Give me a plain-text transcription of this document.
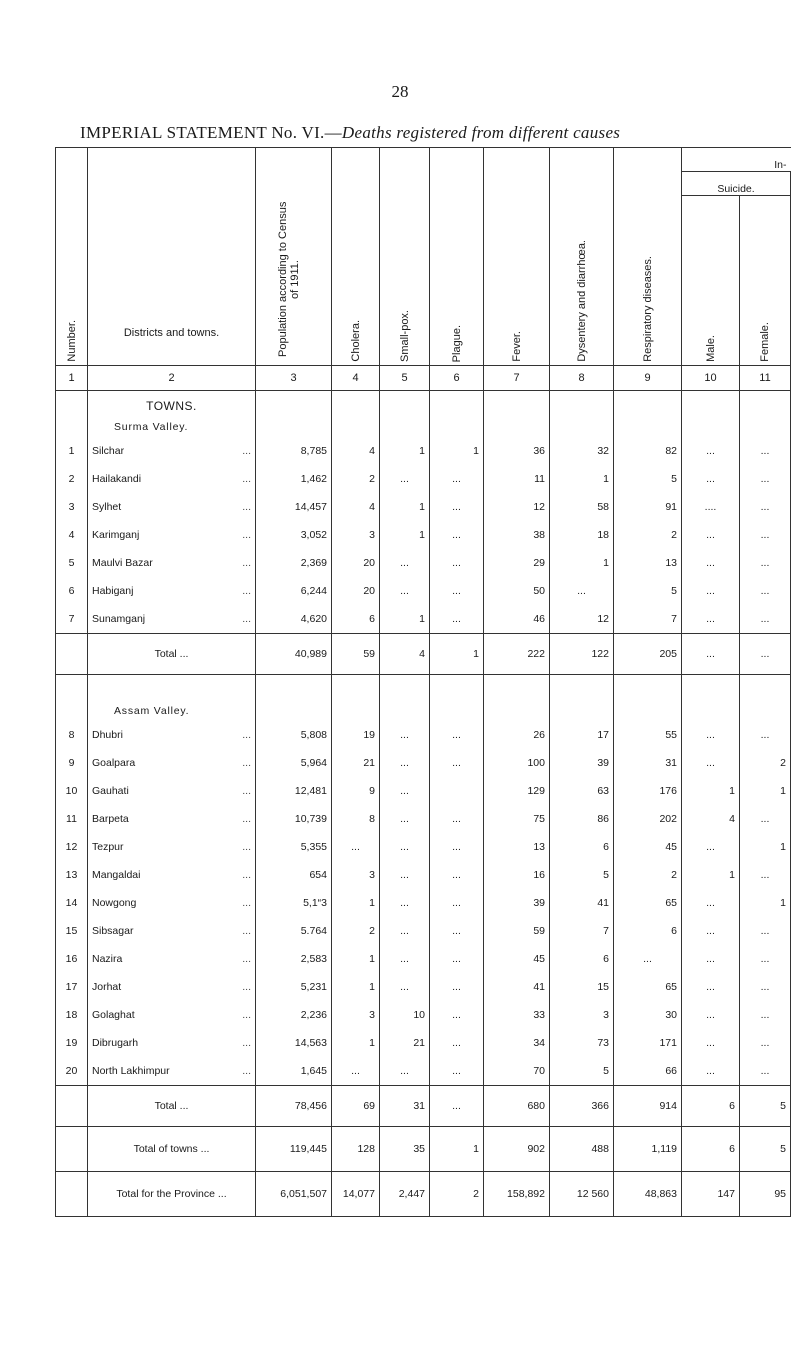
28
IMPERIAL STATEMENT No. VI.—Deaths registered from different causes
Number.	Districts and towns.	Population according to Census of 1911.	Cholera.	Small-pox.	Plague.	Fever.	Dysentery and diarrhœa.	Respiratory diseases.	In-	
									Suicide.	
									Male.	Female.
1	2	3	4	5	6	7	8	9	10	11

	TOWNS.
Surma Valley.									

1	Silchar ...	8,785	4	1	1	36	32	82	...	...
2	Hailakandi ...	1,462	2	...	...	11	1	5	...	...
3	Sylhet ...	14,457	4	1	...	12	58	91	....	...
4	Karimganj ...	3,052	3	1	...	38	18	2	...	...
5	Maulvi Bazar ...	2,369	20	...	...	29	1	13	...	...
6	Habiganj ...	6,244	20	...	...	50	...	5	...	...
7	Sunamganj ...	4,620	6	1	...	46	12	7	...	...
	Total ...	40,989	59	4	1	222	122	205	...	...

	Assam Valley.									

8	Dhubri ...	5,808	19	...	...	26	17	55	...	...
9	Goalpara ...	5,964	21	...	...	100	39	31	...	2
10	Gauhati ...	12,481	9	...		129	63	176	1	1
11	Barpeta ...	10,739	8	...	...	75	86	202	4	...
12	Tezpur ...	5,355	...	...	...	13	6	45	...	1
13	Mangaldai ...	654	3	...	...	16	5	2	1	...
14	Nowgong ...	5,1“3	1	...	...	39	41	65	...	1
15	Sibsagar ...	5.764	2	...	...	59	7	6	...	...
16	Nazira ...	2,583	1	...	...	45	6	...	...	...
17	Jorhat ...	5,231	1	...	...	41	15	65	...	...
18	Golaghat ...	2,236	3	10	...	33	3	30	...	...
19	Dibrugarh ...	14,563	1	21	...	34	73	171	...	...
20	North Lakhimpur ...	1,645	...	...	...	70	5	66	...	...
	Total ...	78,456	69	31	...	680	366	914	6	5
	Total of towns ...	119,445	128	35	1	902	488	1,119	6	5
	Total for the Province ...	6,051,507	14,077	2,447	2	158,892	12 560	48,863	147	95
